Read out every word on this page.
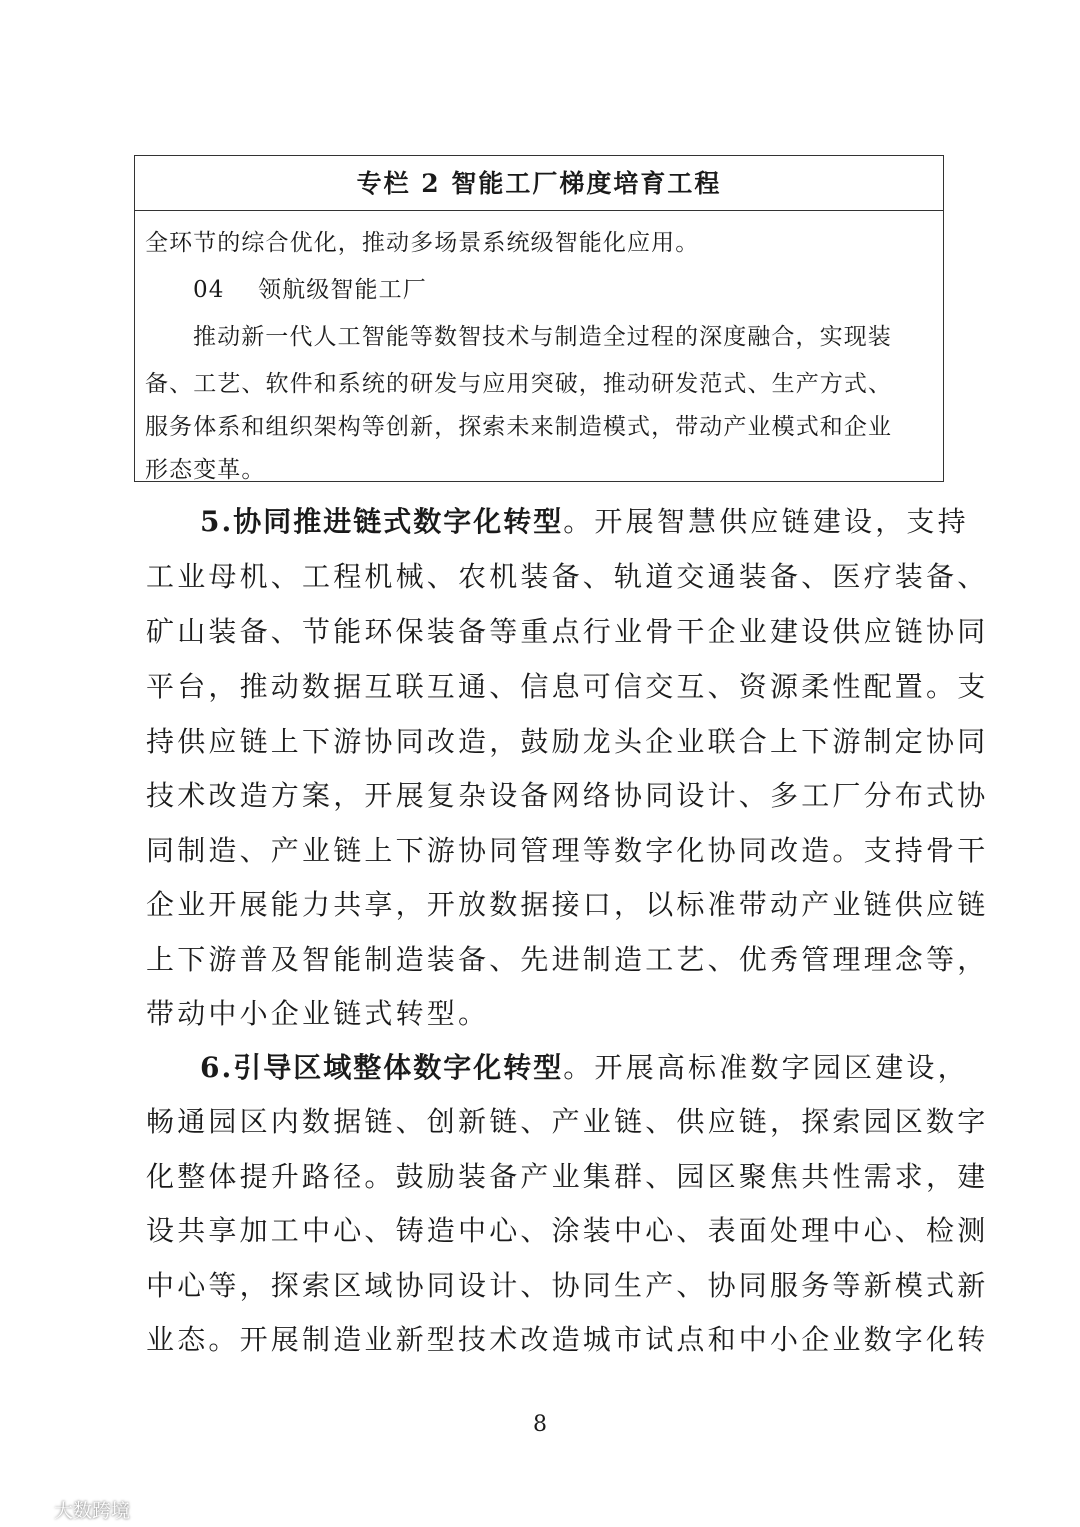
专栏 2 智能工厂梯度培育工程
全环节的综合优化，推动多场景系统级智能化应用。
04    领航级智能工厂
推动新一代人工智能等数智技术与制造全过程的深度融合，实现装
备、工艺、软件和系统的研发与应用突破，推动研发范式、生产方式、
服务体系和组织架构等创新，探索未来制造模式，带动产业模式和企业
形态变革。
5.协同推进链式数字化转型。开展智慧供应链建设，支持
工业母机、工程机械、农机装备、轨道交通装备、医疗装备、
矿山装备、节能环保装备等重点行业骨干企业建设供应链协同
平台，推动数据互联互通、信息可信交互、资源柔性配置。支
持供应链上下游协同改造，鼓励龙头企业联合上下游制定协同
技术改造方案，开展复杂设备网络协同设计、多工厂分布式协
同制造、产业链上下游协同管理等数字化协同改造。支持骨干
企业开展能力共享，开放数据接口，以标准带动产业链供应链
上下游普及智能制造装备、先进制造工艺、优秀管理理念等，
带动中小企业链式转型。
6.引导区域整体数字化转型。开展高标准数字园区建设，
畅通园区内数据链、创新链、产业链、供应链，探索园区数字
化整体提升路径。鼓励装备产业集群、园区聚焦共性需求，建
设共享加工中心、铸造中心、涂装中心、表面处理中心、检测
中心等，探索区域协同设计、协同生产、协同服务等新模式新
业态。开展制造业新型技术改造城市试点和中小企业数字化转
8
大数跨境
